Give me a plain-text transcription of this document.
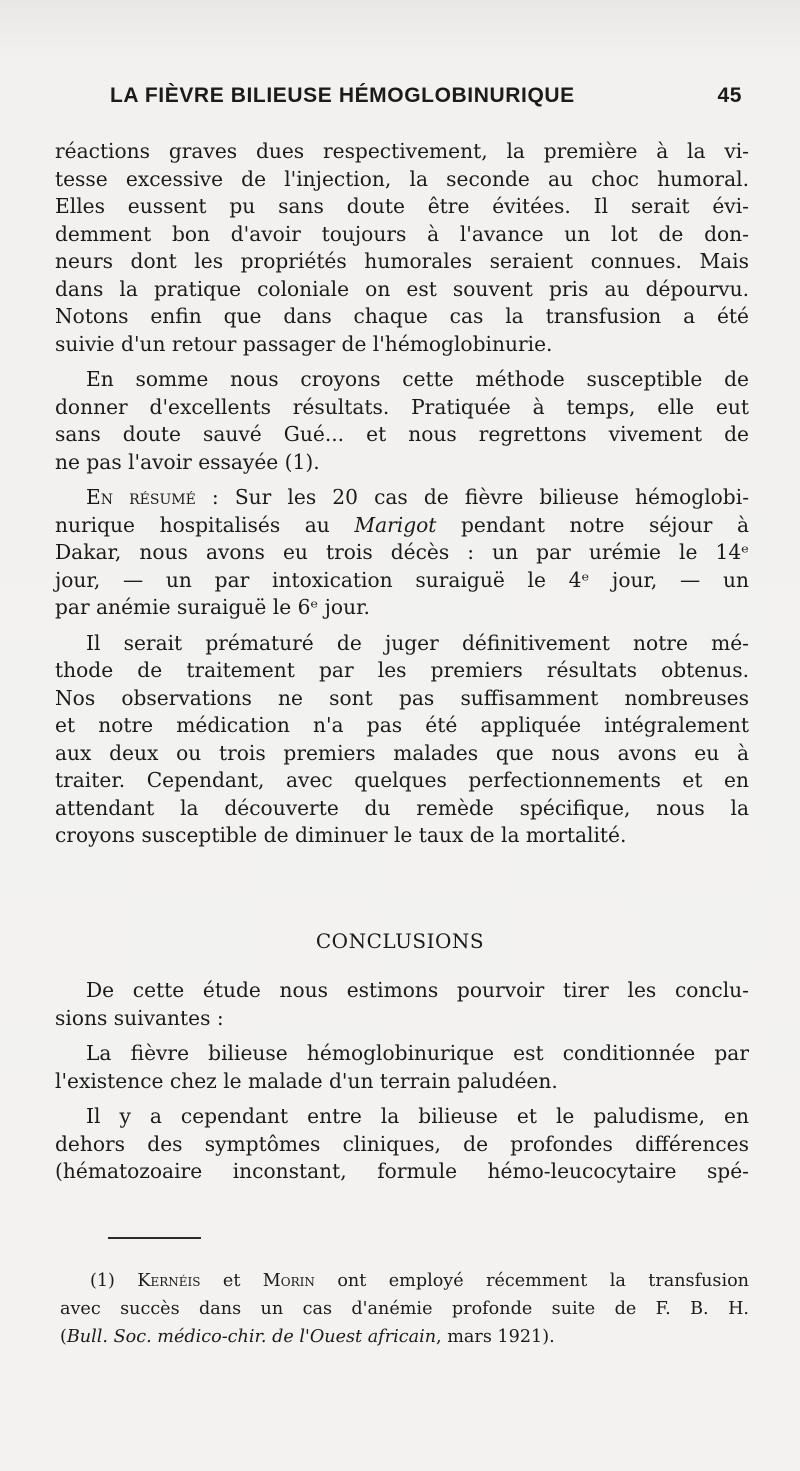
LA FIÈVRE BILIEUSE HÉMOGLOBINURIQUE	45
réactions graves dues respectivement, la première à la vi-
tesse excessive de l'injection, la seconde au choc humoral.
Elles eussent pu sans doute être évitées. Il serait évi-
demment bon d'avoir toujours à l'avance un lot de don-
neurs dont les propriétés humorales seraient connues. Mais
dans la pratique coloniale on est souvent pris au dépourvu.
Notons enfin que dans chaque cas la transfusion a été
suivie d'un retour passager de l'hémoglobinurie.
En somme nous croyons cette méthode susceptible de
donner d'excellents résultats. Pratiquée à temps, elle eut
sans doute sauvé Gué... et nous regrettons vivement de
ne pas l'avoir essayée (1).
En résumé : Sur les 20 cas de fièvre bilieuse hémoglobi-
nurique hospitalisés au Marigot pendant notre séjour à
Dakar, nous avons eu trois décès : un par urémie le 14ᵉ
jour, — un par intoxication suraiguë le 4ᵉ jour, — un
par anémie suraiguë le 6ᵉ jour.
Il serait prématuré de juger définitivement notre mé-
thode de traitement par les premiers résultats obtenus.
Nos observations ne sont pas suffisamment nombreuses
et notre médication n'a pas été appliquée intégralement
aux deux ou trois premiers malades que nous avons eu à
traiter. Cependant, avec quelques perfectionnements et en
attendant la découverte du remède spécifique, nous la
croyons susceptible de diminuer le taux de la mortalité.
CONCLUSIONS
De cette étude nous estimons pourvoir tirer les conclu-
sions suivantes :
La fièvre bilieuse hémoglobinurique est conditionnée par
l'existence chez le malade d'un terrain paludéen.
Il y a cependant entre la bilieuse et le paludisme, en
dehors des symptômes cliniques, de profondes différences
(hématozoaire inconstant, formule hémo-leucocytaire spé-
(1) Kernéis et Morin ont employé récemment la transfusion
avec succès dans un cas d'anémie profonde suite de F. B. H.
(Bull. Soc. médico-chir. de l'Ouest africain, mars 1921).
